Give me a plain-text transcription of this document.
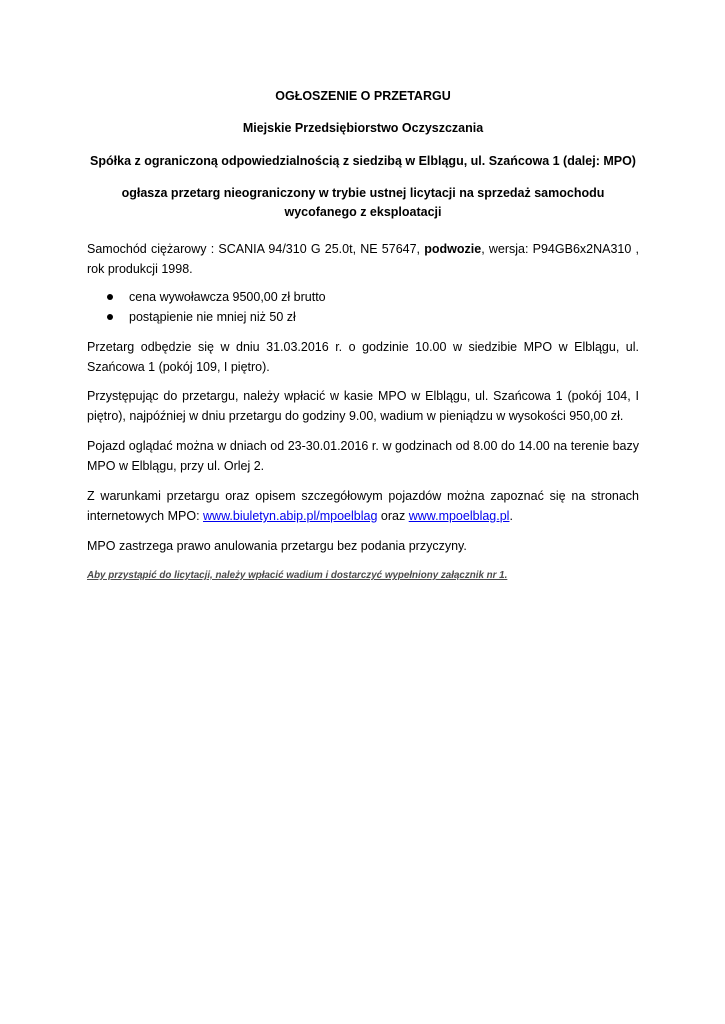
OGŁOSZENIE O PRZETARGU
Miejskie Przedsiębiorstwo Oczyszczania
Spółka z ograniczoną odpowiedzialnością z siedzibą w Elblągu, ul. Szańcowa 1 (dalej: MPO)
ogłasza przetarg nieograniczony w trybie ustnej licytacji na sprzedaż samochodu
wycofanego z eksploatacji
Samochód ciężarowy : SCANIA 94/310 G 25.0t, NE 57647, podwozie, wersja: P94GB6x2NA310 , rok produkcji 1998.
cena wywoławcza 9500,00 zł brutto
postąpienie nie mniej niż 50 zł
Przetarg odbędzie się w dniu 31.03.2016 r. o godzinie 10.00 w siedzibie MPO w Elblągu, ul. Szańcowa 1 (pokój 109, I piętro).
Przystępując do przetargu, należy wpłacić w kasie MPO w Elblągu, ul. Szańcowa 1 (pokój 104, I piętro), najpóźniej w dniu przetargu do godziny 9.00, wadium w pieniądzu w wysokości 950,00 zł.
Pojazd oglądać można w dniach od 23-30.01.2016 r. w godzinach od 8.00 do 14.00 na terenie bazy MPO w Elblągu, przy ul. Orlej 2.
Z warunkami przetargu oraz opisem szczegółowym pojazdów można zapoznać się na stronach internetowych MPO: www.biuletyn.abip.pl/mpoelblag oraz www.mpoelblag.pl.
MPO zastrzega prawo anulowania przetargu bez podania przyczyny.
Aby przystąpić do licytacji, należy wpłacić wadium i dostarczyć wypełniony załącznik nr 1.
